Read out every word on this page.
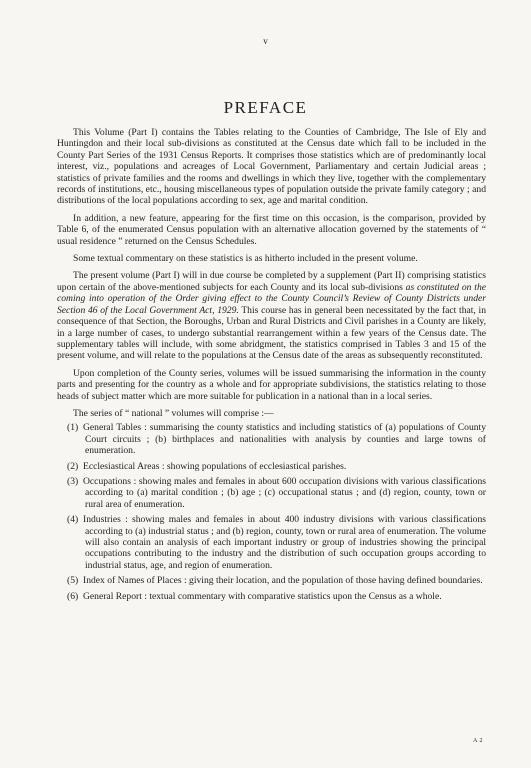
v
PREFACE

This Volume (Part I) contains the Tables relating to the Counties of Cambridge, The Isle of Ely and Huntingdon and their local sub-divisions as constituted at the Census date which fall to be included in the County Part Series of the 1931 Census Reports. It comprises those statistics which are of predominantly local interest, viz., populations and acreages of Local Government, Parliamentary and certain Judicial areas ; statistics of private families and the rooms and dwellings in which they live, together with the complementary records of institutions, etc., housing miscellaneous types of population outside the private family category ; and distributions of the local populations according to sex, age and marital condition.

In addition, a new feature, appearing for the first time on this occasion, is the comparison, provided by Table 6, of the enumerated Census population with an alternative allocation governed by the statements of “ usual residence ” returned on the Census Schedules.

Some textual commentary on these statistics is as hitherto included in the present volume.

The present volume (Part I) will in due course be completed by a supplement (Part II) comprising statistics upon certain of the above-mentioned subjects for each County and its local sub-divisions as constituted on the coming into operation of the Order giving effect to the County Council’s Review of County Districts under Section 46 of the Local Government Act, 1929. This course has in general been necessitated by the fact that, in consequence of that Section, the Boroughs, Urban and Rural Districts and Civil parishes in a County are likely, in a large number of cases, to undergo substantial rearrangement within a few years of the Census date. The supplementary tables will include, with some abridgment, the statistics comprised in Tables 3 and 15 of the present volume, and will relate to the populations at the Census date of the areas as subsequently reconstituted.

Upon completion of the County series, volumes will be issued summarising the information in the county parts and presenting for the country as a whole and for appropriate subdivisions, the statistics relating to those heads of subject matter which are more suitable for publication in a national than in a local series.

The series of “ national ” volumes will comprise :—
(1) General Tables : summarising the county statistics and including statistics of (a) populations of County Court circuits ; (b) birthplaces and nationalities with analysis by counties and large towns of enumeration.
(2) Ecclesiastical Areas : showing populations of ecclesiastical parishes.
(3) Occupations : showing males and females in about 600 occupation divisions with various classifications according to (a) marital condition ; (b) age ; (c) occupational status ; and (d) region, county, town or rural area of enumeration.
(4) Industries : showing males and females in about 400 industry divisions with various classifications according to (a) industrial status ; and (b) region, county, town or rural area of enumeration. The volume will also contain an analysis of each important industry or group of industries showing the principal occupations contributing to the industry and the distribution of such occupation groups according to industrial status, age, and region of enumeration.
(5) Index of Names of Places : giving their location, and the population of those having defined boundaries.
(6) General Report : textual commentary with comparative statistics upon the Census as a whole.
A 2
